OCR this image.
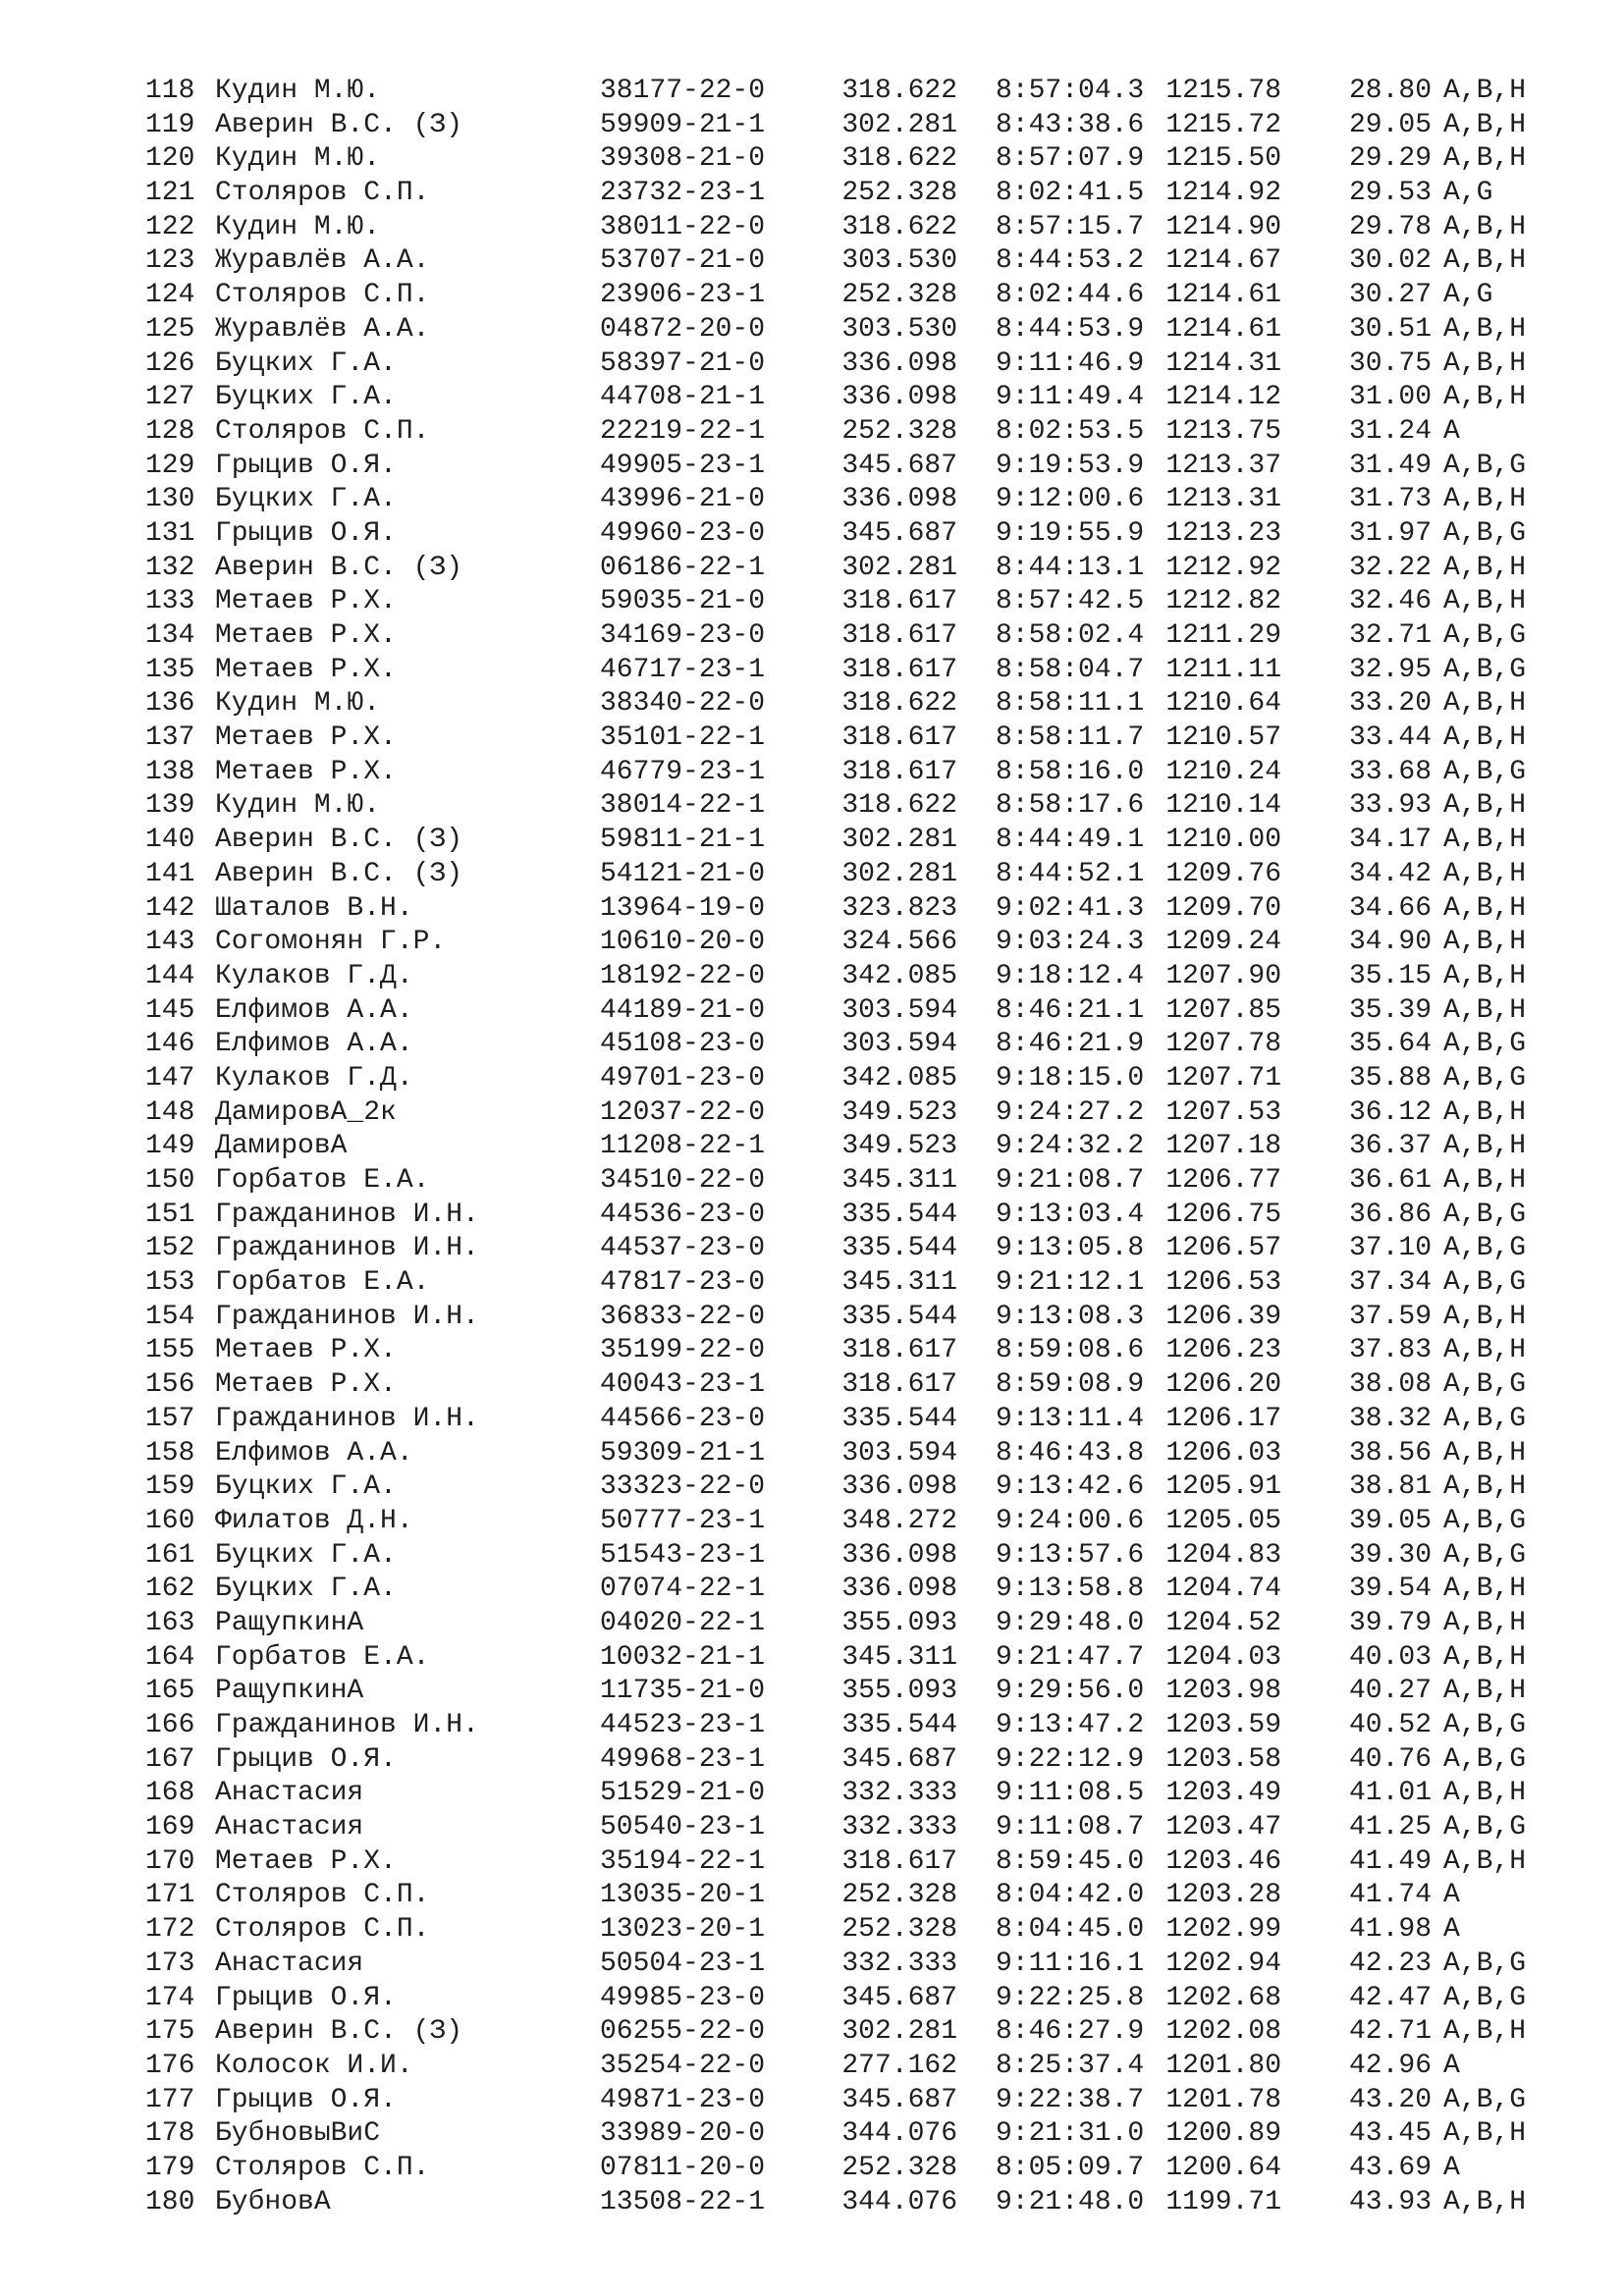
118 Кудин М.Ю.	38177-22-0	318.622 8:57:04.3 1215.78 28.80 A,B,H
119 Аверин В.С. (З)	59909-21-1	302.281 8:43:38.6 1215.72 29.05 A,B,H
120 Кудин М.Ю.	39308-21-0	318.622 8:57:07.9 1215.50 29.29 A,B,H
121 Столяров С.П.	23732-23-1	252.328 8:02:41.5 1214.92 29.53 A,G
122 Кудин М.Ю.	38011-22-0	318.622 8:57:15.7 1214.90 29.78 A,B,H
123 Журавлёв А.А.	53707-21-0	303.530 8:44:53.2 1214.67 30.02 A,B,H
124 Столяров С.П.	23906-23-1	252.328 8:02:44.6 1214.61 30.27 A,G
125 Журавлёв А.А.	04872-20-0	303.530 8:44:53.9 1214.61 30.51 A,B,H
126 Буцких Г.А.	58397-21-0	336.098 9:11:46.9 1214.31 30.75 A,B,H
127 Буцких Г.А.	44708-21-1	336.098 9:11:49.4 1214.12 31.00 A,B,H
128 Столяров С.П.	22219-22-1	252.328 8:02:53.5 1213.75 31.24 A
129 Грыцив О.Я.	49905-23-1	345.687 9:19:53.9 1213.37 31.49 A,B,G
130 Буцких Г.А.	43996-21-0	336.098 9:12:00.6 1213.31 31.73 A,B,H
131 Грыцив О.Я.	49960-23-0	345.687 9:19:55.9 1213.23 31.97 A,B,G
132 Аверин В.С. (З)	06186-22-1	302.281 8:44:13.1 1212.92 32.22 A,B,H
133 Метаев Р.Х.	59035-21-0	318.617 8:57:42.5 1212.82 32.46 A,B,H
134 Метаев Р.Х.	34169-23-0	318.617 8:58:02.4 1211.29 32.71 A,B,G
135 Метаев Р.Х.	46717-23-1	318.617 8:58:04.7 1211.11 32.95 A,B,G
136 Кудин М.Ю.	38340-22-0	318.622 8:58:11.1 1210.64 33.20 A,B,H
137 Метаев Р.Х.	35101-22-1	318.617 8:58:11.7 1210.57 33.44 A,B,H
138 Метаев Р.Х.	46779-23-1	318.617 8:58:16.0 1210.24 33.68 A,B,G
139 Кудин М.Ю.	38014-22-1	318.622 8:58:17.6 1210.14 33.93 A,B,H
140 Аверин В.С. (З)	59811-21-1	302.281 8:44:49.1 1210.00 34.17 A,B,H
141 Аверин В.С. (З)	54121-21-0	302.281 8:44:52.1 1209.76 34.42 A,B,H
142 Шаталов В.Н.	13964-19-0	323.823 9:02:41.3 1209.70 34.66 A,B,H
143 Согомонян Г.Р.	10610-20-0	324.566 9:03:24.3 1209.24 34.90 A,B,H
144 Кулаков Г.Д.	18192-22-0	342.085 9:18:12.4 1207.90 35.15 A,B,H
145 Елфимов А.А.	44189-21-0	303.594 8:46:21.1 1207.85 35.39 A,B,H
146 Елфимов А.А.	45108-23-0	303.594 8:46:21.9 1207.78 35.64 A,B,G
147 Кулаков Г.Д.	49701-23-0	342.085 9:18:15.0 1207.71 35.88 A,B,G
148 ДамировА_2к	12037-22-0	349.523 9:24:27.2 1207.53 36.12 A,B,H
149 ДамировА	11208-22-1	349.523 9:24:32.2 1207.18 36.37 A,B,H
150 Горбатов Е.А.	34510-22-0	345.311 9:21:08.7 1206.77 36.61 A,B,H
151 Гражданинов И.Н.	44536-23-0	335.544 9:13:03.4 1206.75 36.86 A,B,G
152 Гражданинов И.Н.	44537-23-0	335.544 9:13:05.8 1206.57 37.10 A,B,G
153 Горбатов Е.А.	47817-23-0	345.311 9:21:12.1 1206.53 37.34 A,B,G
154 Гражданинов И.Н.	36833-22-0	335.544 9:13:08.3 1206.39 37.59 A,B,H
155 Метаев Р.Х.	35199-22-0	318.617 8:59:08.6 1206.23 37.83 A,B,H
156 Метаев Р.Х.	40043-23-1	318.617 8:59:08.9 1206.20 38.08 A,B,G
157 Гражданинов И.Н.	44566-23-0	335.544 9:13:11.4 1206.17 38.32 A,B,G
158 Елфимов А.А.	59309-21-1	303.594 8:46:43.8 1206.03 38.56 A,B,H
159 Буцких Г.А.	33323-22-0	336.098 9:13:42.6 1205.91 38.81 A,B,H
160 Филатов Д.Н.	50777-23-1	348.272 9:24:00.6 1205.05 39.05 A,B,G
161 Буцких Г.А.	51543-23-1	336.098 9:13:57.6 1204.83 39.30 A,B,G
162 Буцких Г.А.	07074-22-1	336.098 9:13:58.8 1204.74 39.54 A,B,H
163 РащупкинА	04020-22-1	355.093 9:29:48.0 1204.52 39.79 A,B,H
164 Горбатов Е.А.	10032-21-1	345.311 9:21:47.7 1204.03 40.03 A,B,H
165 РащупкинА	11735-21-0	355.093 9:29:56.0 1203.98 40.27 A,B,H
166 Гражданинов И.Н.	44523-23-1	335.544 9:13:47.2 1203.59 40.52 A,B,G
167 Грыцив О.Я.	49968-23-1	345.687 9:22:12.9 1203.58 40.76 A,B,G
168 Анастасия	51529-21-0	332.333 9:11:08.5 1203.49 41.01 A,B,H
169 Анастасия	50540-23-1	332.333 9:11:08.7 1203.47 41.25 A,B,G
170 Метаев Р.Х.	35194-22-1	318.617 8:59:45.0 1203.46 41.49 A,B,H
171 Столяров С.П.	13035-20-1	252.328 8:04:42.0 1203.28 41.74 A
172 Столяров С.П.	13023-20-1	252.328 8:04:45.0 1202.99 41.98 A
173 Анастасия	50504-23-1	332.333 9:11:16.1 1202.94 42.23 A,B,G
174 Грыцив О.Я.	49985-23-0	345.687 9:22:25.8 1202.68 42.47 A,B,G
175 Аверин В.С. (З)	06255-22-0	302.281 8:46:27.9 1202.08 42.71 A,B,H
176 Колосок И.И.	35254-22-0	277.162 8:25:37.4 1201.80 42.96 A
177 Грыцив О.Я.	49871-23-0	345.687 9:22:38.7 1201.78 43.20 A,B,G
178 БубновыВиС	33989-20-0	344.076 9:21:31.0 1200.89 43.45 A,B,H
179 Столяров С.П.	07811-20-0	252.328 8:05:09.7 1200.64 43.69 A
180 БубновА	13508-22-1	344.076 9:21:48.0 1199.71 43.93 A,B,H
